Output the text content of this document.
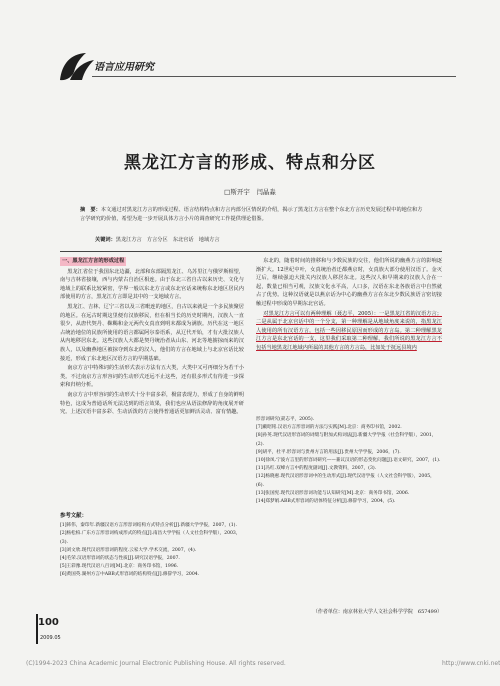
语言应用研究
黑龙江方言的形成、特点和分区
□斯开宇　闫晶淼
摘　要：本文通过对黑龙江方言的形成过程、语言结构特点和方言内部分区情况的介绍，揭示了黑龙江方言在整个东北方言历史发展过程中的地位和方言学研究的价值，希望为进一步开展具体方言小片的调查研究工作提供理论借鉴。
关键词：黑龙江方言　方言分区　东北官话　地域方言
一、黑龙江方言的形成过程

黑龙江省位于我国东北边疆，北部和东部隔黑龙江、乌苏里江与俄罗斯相望，南与吉林省接壤，西与内蒙古自治区相连。由于东北三省自古以来历史、文化与地域上的联系比较紧密，学界一般以东北方言或东北官话来统称东北地区居民内部使用的方言，黑龙江方言即是其中的一支地域方言。

黑龙江、吉林、辽宁三省以及三省毗连的地区，自古以来就是一个多民族聚居的地区。在远古时期这里便有汉族移民，但在相当长的历史时期内，汉族人一直很少，从唐代契丹、靺鞨和金元两代女真直到明末都成为满族。历代在这一地区占统治地位的民族所使用的语言都属阿尔泰语系，从辽代开始，才有大批汉族人从内地移居东北。这些汉族人大都是契丹统治者从山东、河北等地掳掠而来的汉族人，以及幽燕地区被掠夺到东北的汉人，他们的方言在地域上与北京官话比较接近，形成了东北地区汉语方言的早期基础。

南京方言中特殊词的生活形式表示方法有五大类，大类中又可再细分为若干小类。不过南京方言形容词的生动形式还远不止这些，还有很多形式有待进一步探索和归纳分析。

南京方言中形容词的生动形式十分丰富多彩，极富表现力，形成了自身的鲜明特色，这成为普通话所无法达到的语言效果，我们也应从语法修辞的角度展开研究。上述汉语丰富多彩、生动活泼的方言使得普通话更加鲜活灵动、富有情趣。

东北的，随着时间的推移和与少数民族的交往，他们所说的幽燕方言的影响逐渐扩大。12世纪中叶，女真统治者迁都燕京时，女真族大部分使用汉语了。金灭辽后，继续强迫大批关内汉族人移居东北。这些汉人和早期来的汉族人合在一起，数量已相当可观，汉族文化水平高，人口多，汉语在东北各族语言中自然就占了优势。这种汉语就是以燕京话为中心的幽燕方言在东北少数民族语言密切接触过程中形成的早期东北官话。

对黑龙江方言可以有两种理解（聂志平，2005）：一是黑龙江省的汉语方言；二是从属于北京官话中的一个分支，第一种理解是从地域角度来说的，指黑龙江人使用的所有汉语方言，包括一些因移民原因而形成的方言岛。第二种理解黑龙江方言是东北官话的一支，这里我们采取第二种理解，我们所说的黑龙江方言不包括当地黑龙江地域内所属的其他方言的方言岛，比如处于抚远县境内

参考文献：
[1]韩伟，秦印年.新疆汉语方言形容词结构方式特点分析[J].新疆大学学报，2007，(1).
[2]杨松柏.广东方言形容词构成形式的特点[J].南昌大学学报（人文社会科学版），2003，(3).
[3]刘文欣.现代汉语形容词的程度.云家大学.学术交流，2007，(4).
[4]毛荣.汉语形容词的状态与性质[J].研究汉语学报，2007.
[5]王彩豫.现代汉语八百词[M].北京：商务印书馆，1996.
[6]黄国英.湖州方言中ABB式形容词的结构特点[J].修辞学习，2004.
形容词研究(聂志平，2005).
[7]戴昭铭.汉语方言形容词的方法与实践[M].北京：商务印书馆，2002.
[8]孙英.现代汉语形容词的词缀与附加式构词法[J].新疆大学学报（社会科学版），2001，(2).
[9]胡平，杜平.形容词与贵州方言的用法[J].贵州大学学报，2006，(7).
[10]徐凤.宁波方言里的形容词研究——兼议汉语的形态变化问题[J].语文研究，2007，(1).
[11]冯红.双峰方言中的程度副词[J].文教资料，2007，(3).
[12]杨晓惠.现代汉语形容词中的生动形式[J].现代汉语学报（人文社会科学版），2005，(6).
[13]张国宪.现代汉语形容词功能与认知研究[M].北京：商务印书馆，2006.
[14]郑梦娟.ABB式形容词的语体特征分析[J].修辞学习，2004，(5).
（作者单位：南京林业大学人文社会科学学院　657499）
100
2009.05
(C)1994-2023 China Academic Journal Electronic Publishing House. All rights reserved.	http://www.cnki.net
